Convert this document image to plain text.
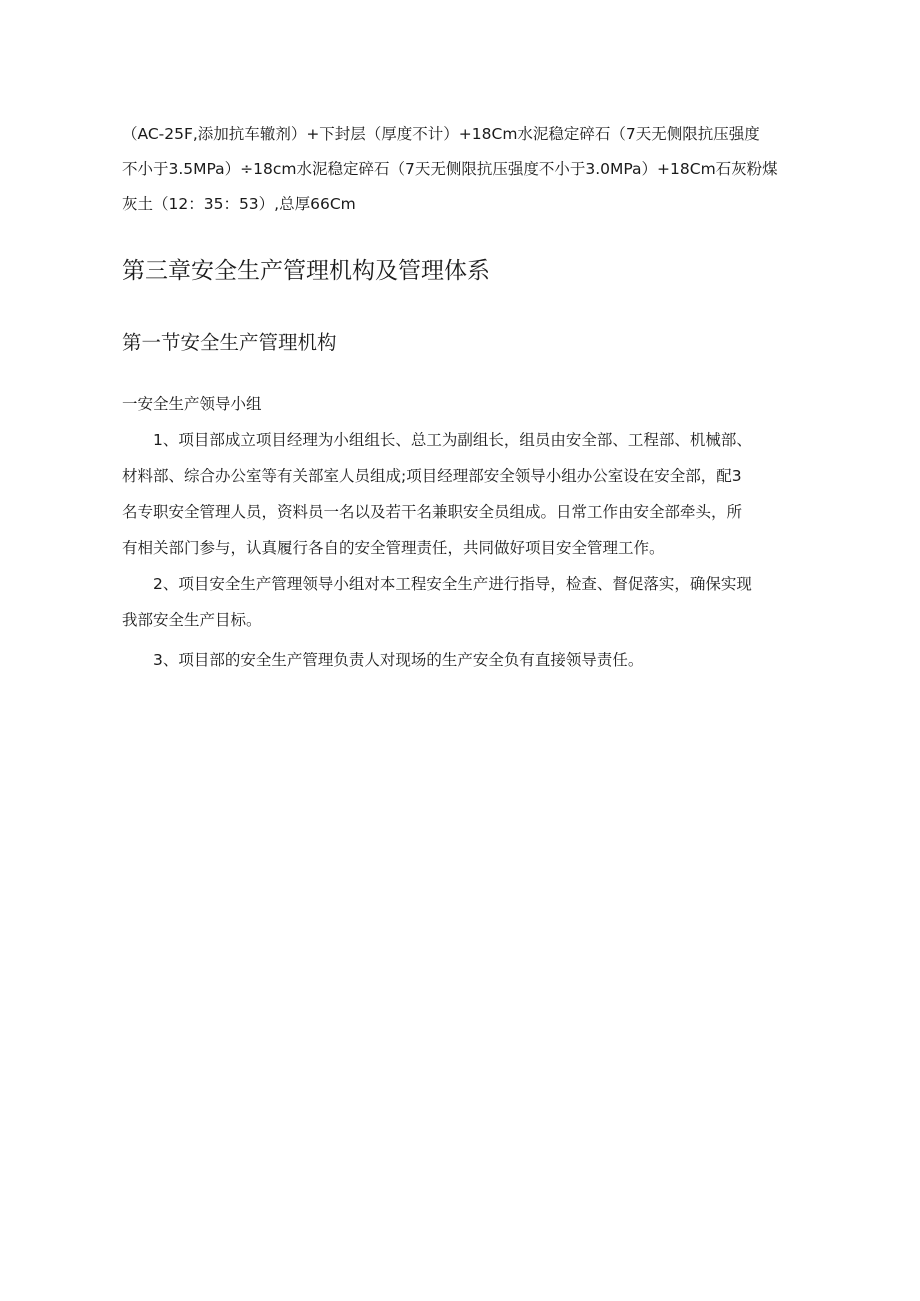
（AC-25F,添加抗车辙剂）+下封层（厚度不计）+18Cm水泥稳定碎石（7天无侧限抗压强度
不小于3.5MPa）÷18cm水泥稳定碎石（7天无侧限抗压强度不小于3.0MPa）+18Cm石灰粉煤
灰土（12：35：53）,总厚66Cm

第三章安全生产管理机构及管理体系
第一节安全生产管理机构

一安全生产领导小组

1、项目部成立项目经理为小组组长、总工为副组长，组员由安全部、工程部、机械部、
材料部、综合办公室等有关部室人员组成;项目经理部安全领导小组办公室设在安全部，配3
名专职安全管理人员，资料员一名以及若干名兼职安全员组成。日常工作由安全部牵头，所
有相关部门参与，认真履行各自的安全管理责任，共同做好项目安全管理工作。

2、项目安全生产管理领导小组对本工程安全生产进行指导，检查、督促落实，确保实现
我部安全生产目标。

3、项目部的安全生产管理负责人对现场的生产安全负有直接领导责任。
